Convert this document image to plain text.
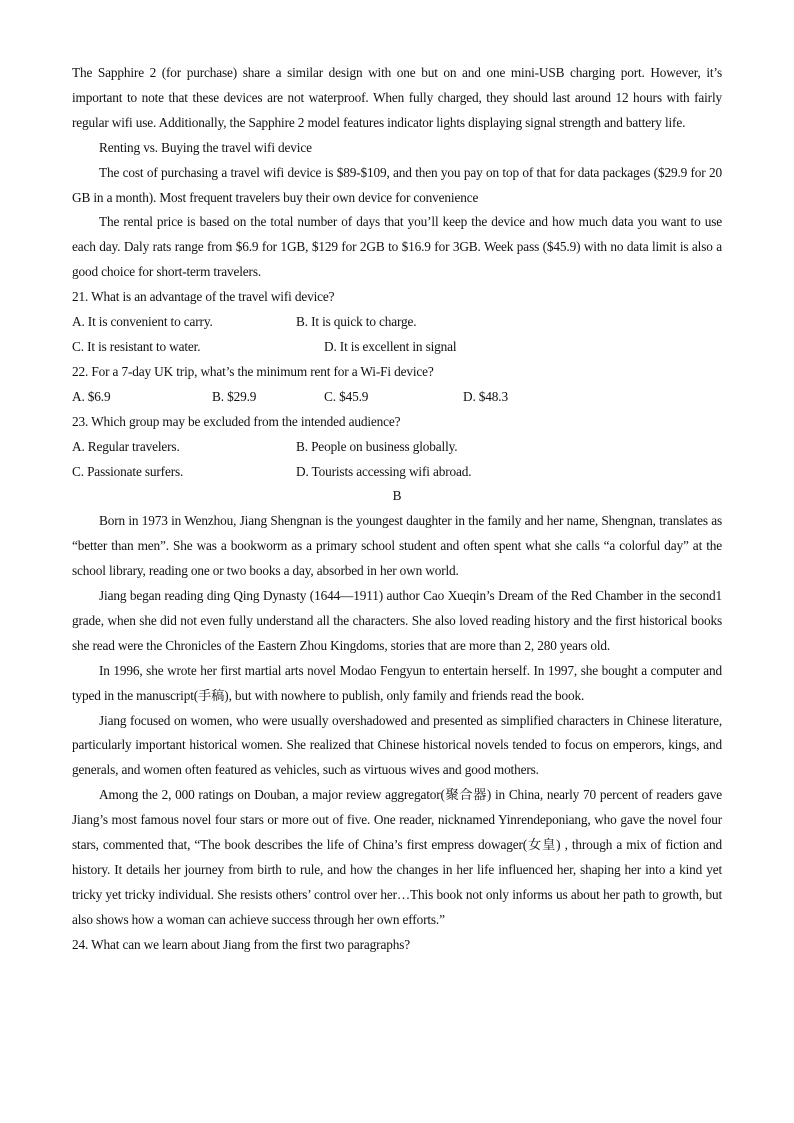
The Sapphire 2 (for purchase) share a similar design with one but on and one mini-USB charging port. However, it’s important to note that these devices are not waterproof. When fully charged, they should last around 12 hours with fairly regular wifi use. Additionally, the Sapphire 2 model features indicator lights displaying signal strength and battery life.

Renting vs. Buying the travel wifi device

The cost of purchasing a travel wifi device is $89-$109, and then you pay on top of that for data packages ($29.9 for 20 GB in a month). Most frequent travelers buy their own device for convenience

The rental price is based on the total number of days that you’ll keep the device and how much data you want to use each day. Daly rats range from $6.9 for 1GB, $129 for 2GB to $16.9 for 3GB. Week pass ($45.9) with no data limit is also a good choice for short-term travelers.

21. What is an advantage of the travel wifi device?
A. It is convenient to carry.	B. It is quick to charge.
C. It is resistant to water.	D. It is excellent in signal
22. For a 7-day UK trip, what’s the minimum rent for a Wi-Fi device?
A. $6.9	B. $29.9	C. $45.9	D. $48.3
23. Which group may be excluded from the intended audience?
A. Regular travelers.	B. People on business globally.
C. Passionate surfers.	D. Tourists accessing wifi abroad.
B

Born in 1973 in Wenzhou, Jiang Shengnan is the youngest daughter in the family and her name, Shengnan, translates as “better than men”. She was a bookworm as a primary school student and often spent what she calls “a colorful day” at the school library, reading one or two books a day, absorbed in her own world.

Jiang began reading ding Qing Dynasty (1644—1911) author Cao Xueqin’s Dream of the Red Chamber in the second1 grade, when she did not even fully understand all the characters. She also loved reading history and the first historical books she read were the Chronicles of the Eastern Zhou Kingdoms, stories that are more than 2, 280 years old.

In 1996, she wrote her first martial arts novel Modao Fengyun to entertain herself. In 1997, she bought a computer and typed in the manuscript(手稿), but with nowhere to publish, only family and friends read the book.

Jiang focused on women, who were usually overshadowed and presented as simplified characters in Chinese literature, particularly important historical women. She realized that Chinese historical novels tended to focus on emperors, kings, and generals, and women often featured as vehicles, such as virtuous wives and good mothers.

Among the 2, 000 ratings on Douban, a major review aggregator(聚合器) in China, nearly 70 percent of readers gave Jiang’s most famous novel four stars or more out of five. One reader, nicknamed Yinrendeponiang, who gave the novel four stars, commented that, “The book describes the life of China’s first empress dowager(女皇) , through a mix of fiction and history. It details her journey from birth to rule, and how the changes in her life influenced her, shaping her into a kind yet tricky yet tricky individual. She resists others’ control over her…This book not only informs us about her path to growth, but also shows how a woman can achieve success through her own efforts.”

24. What can we learn about Jiang from the first two paragraphs?
